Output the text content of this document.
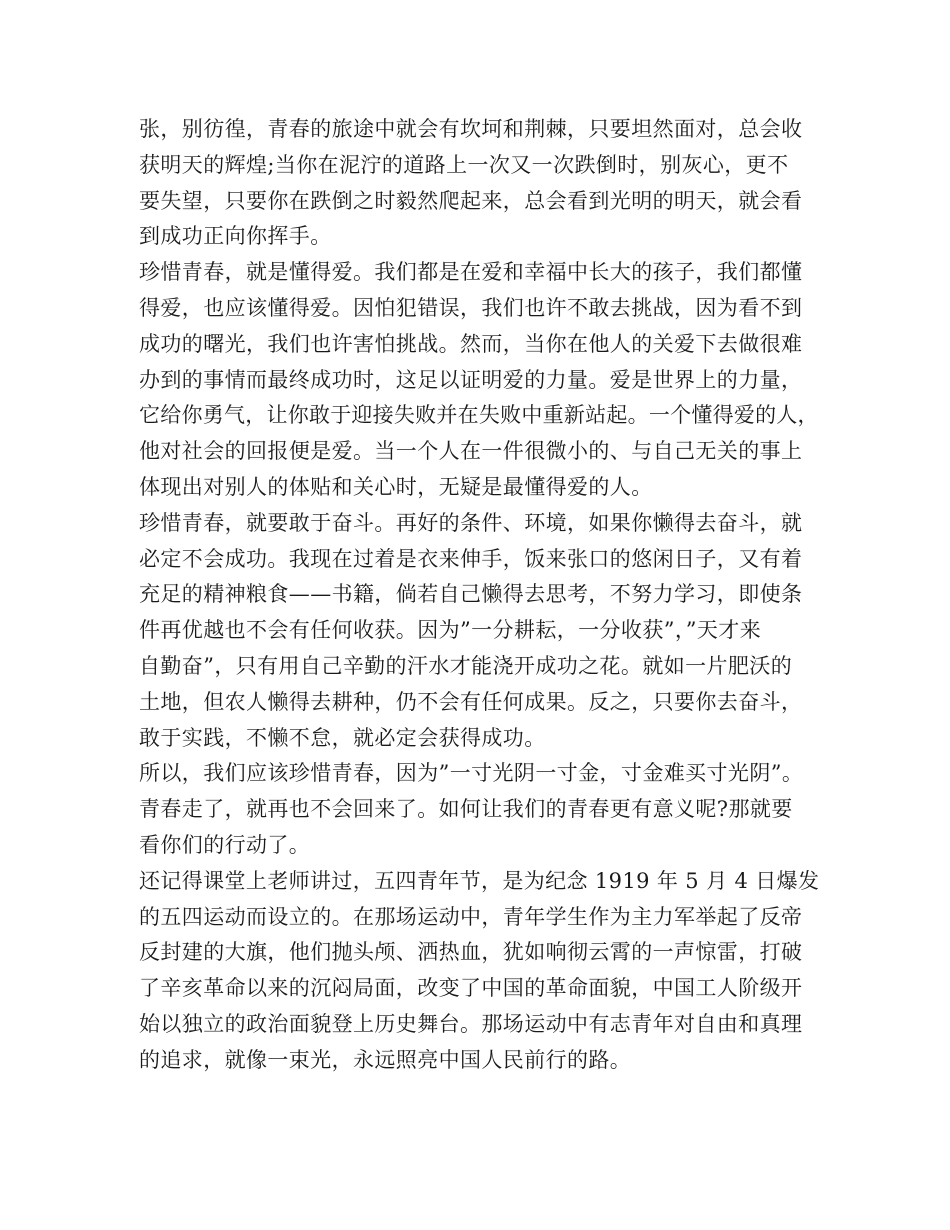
张，别彷徨，青春的旅途中就会有坎坷和荆棘，只要坦然面对，总会收
获明天的辉煌;当你在泥泞的道路上一次又一次跌倒时，别灰心，更不
要失望，只要你在跌倒之时毅然爬起来，总会看到光明的明天，就会看
到成功正向你挥手。
珍惜青春，就是懂得爱。我们都是在爱和幸福中长大的孩子，我们都懂
得爱，也应该懂得爱。因怕犯错误，我们也许不敢去挑战，因为看不到
成功的曙光，我们也许害怕挑战。然而，当你在他人的关爱下去做很难
办到的事情而最终成功时，这足以证明爱的力量。爱是世界上的力量，
它给你勇气，让你敢于迎接失败并在失败中重新站起。一个懂得爱的人，
他对社会的回报便是爱。当一个人在一件很微小的、与自己无关的事上
体现出对别人的体贴和关心时，无疑是最懂得爱的人。
珍惜青春，就要敢于奋斗。再好的条件、环境，如果你懒得去奋斗，就
必定不会成功。我现在过着是衣来伸手，饭来张口的悠闲日子，又有着
充足的精神粮食——书籍，倘若自己懒得去思考，不努力学习，即使条
件再优越也不会有任何收获。因为”一分耕耘，一分收获”，”天才来
自勤奋”，只有用自己辛勤的汗水才能浇开成功之花。就如一片肥沃的
土地，但农人懒得去耕种，仍不会有任何成果。反之，只要你去奋斗，
敢于实践，不懒不怠，就必定会获得成功。
所以，我们应该珍惜青春，因为”一寸光阴一寸金，寸金难买寸光阴”。
青春走了，就再也不会回来了。如何让我们的青春更有意义呢?那就要
看你们的行动了。
还记得课堂上老师讲过，五四青年节，是为纪念 1919 年 5 月 4 日爆发
的五四运动而设立的。在那场运动中，青年学生作为主力军举起了反帝
反封建的大旗，他们抛头颅、洒热血，犹如响彻云霄的一声惊雷，打破
了辛亥革命以来的沉闷局面，改变了中国的革命面貌，中国工人阶级开
始以独立的政治面貌登上历史舞台。那场运动中有志青年对自由和真理
的追求，就像一束光，永远照亮中国人民前行的路。
